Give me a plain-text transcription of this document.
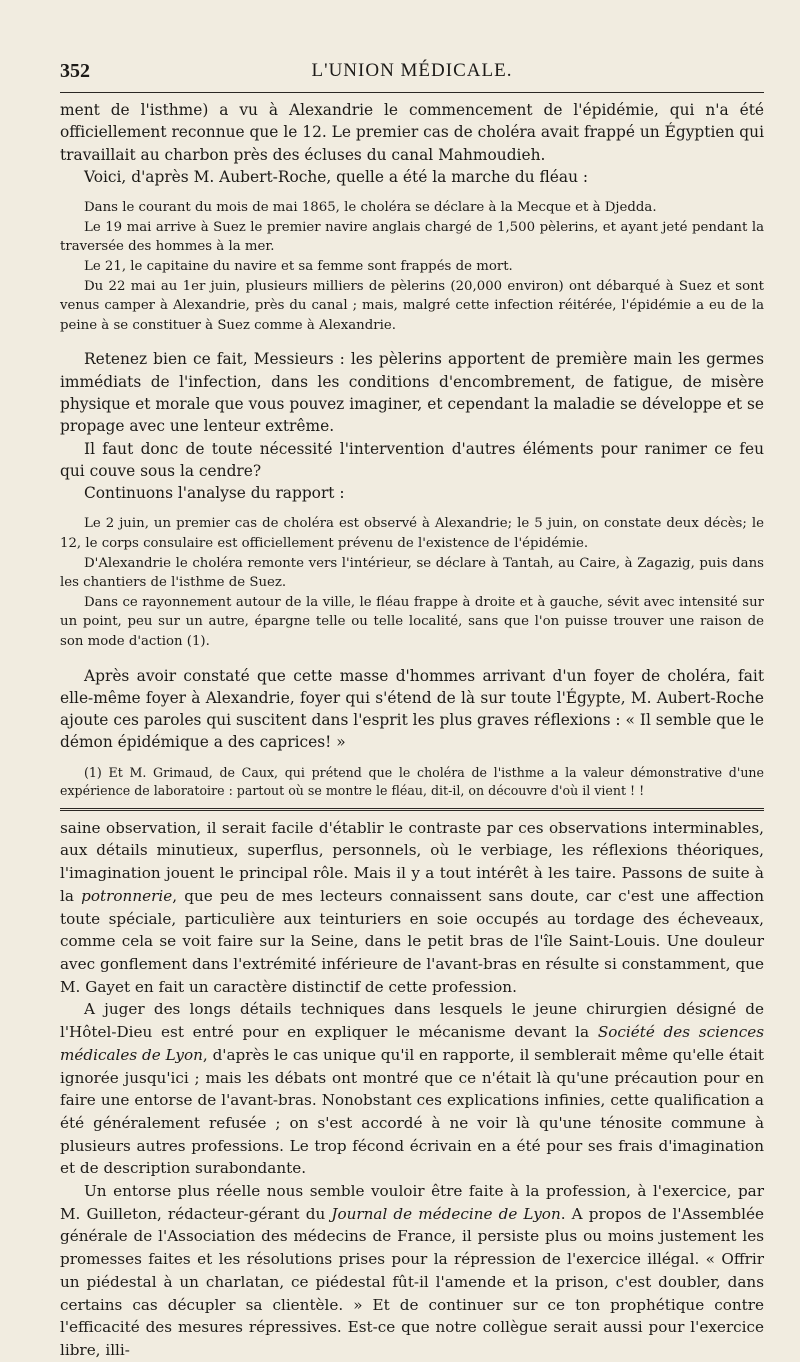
352	L'UNION MÉDICALE.

ment de l'isthme) a vu à Alexandrie le commencement de l'épidémie, qui n'a été officiellement reconnue que le 12. Le premier cas de choléra avait frappé un Égyptien qui travaillait au charbon près des écluses du canal Mahmoudieh.

Voici, d'après M. Aubert-Roche, quelle a été la marche du fléau :

Dans le courant du mois de mai 1865, le choléra se déclare à la Mecque et à Djedda.

Le 19 mai arrive à Suez le premier navire anglais chargé de 1,500 pèlerins, et ayant jeté pendant la traversée des hommes à la mer.

Le 21, le capitaine du navire et sa femme sont frappés de mort.

Du 22 mai au 1er juin, plusieurs milliers de pèlerins (20,000 environ) ont débarqué à Suez et sont venus camper à Alexandrie, près du canal ; mais, malgré cette infection réitérée, l'épidémie a eu de la peine à se constituer à Suez comme à Alexandrie.

Retenez bien ce fait, Messieurs : les pèlerins apportent de première main les germes immédiats de l'infection, dans les conditions d'encombrement, de fatigue, de misère physique et morale que vous pouvez imaginer, et cependant la maladie se développe et se propage avec une lenteur extrême.

Il faut donc de toute nécessité l'intervention d'autres éléments pour ranimer ce feu qui couve sous la cendre?

Continuons l'analyse du rapport :

Le 2 juin, un premier cas de choléra est observé à Alexandrie; le 5 juin, on constate deux décès; le 12, le corps consulaire est officiellement prévenu de l'existence de l'épidémie.

D'Alexandrie le choléra remonte vers l'intérieur, se déclare à Tantah, au Caire, à Zagazig, puis dans les chantiers de l'isthme de Suez.

Dans ce rayonnement autour de la ville, le fléau frappe à droite et à gauche, sévit avec intensité sur un point, peu sur un autre, épargne telle ou telle localité, sans que l'on puisse trouver une raison de son mode d'action (1).

Après avoir constaté que cette masse d'hommes arrivant d'un foyer de choléra, fait elle-même foyer à Alexandrie, foyer qui s'étend de là sur toute l'Égypte, M. Aubert-Roche ajoute ces paroles qui suscitent dans l'esprit les plus graves réflexions : « Il semble que le démon épidémique a des caprices! »

(1) Et M. Grimaud, de Caux, qui prétend que le choléra de l'isthme a la valeur démonstrative d'une expérience de laboratoire : partout où se montre le fléau, dit-il, on découvre d'où il vient ! !

saine observation, il serait facile d'établir le contraste par ces observations interminables, aux détails minutieux, superflus, personnels, où le verbiage, les réflexions théoriques, l'imagination jouent le principal rôle. Mais il y a tout intérêt à les taire. Passons de suite à la potronnerie, que peu de mes lecteurs connaissent sans doute, car c'est une affection toute spéciale, particulière aux teinturiers en soie occupés au tordage des écheveaux, comme cela se voit faire sur la Seine, dans le petit bras de l'île Saint-Louis. Une douleur avec gonflement dans l'extrémité inférieure de l'avant-bras en résulte si constamment, que M. Gayet en fait un caractère distinctif de cette profession.

A juger des longs détails techniques dans lesquels le jeune chirurgien désigné de l'Hôtel-Dieu est entré pour en expliquer le mécanisme devant la Société des sciences médicales de Lyon, d'après le cas unique qu'il en rapporte, il semblerait même qu'elle était ignorée jusqu'ici ; mais les débats ont montré que ce n'était là qu'une précaution pour en faire une entorse de l'avant-bras. Nonobstant ces explications infinies, cette qualification a été généralement refusée ; on s'est accordé à ne voir là qu'une ténosite commune à plusieurs autres professions. Le trop fécond écrivain en a été pour ses frais d'imagination et de description surabondante.

Un entorse plus réelle nous semble vouloir être faite à la profession, à l'exercice, par M. Guilleton, rédacteur-gérant du Journal de médecine de Lyon. A propos de l'Assemblée générale de l'Association des médecins de France, il persiste plus ou moins justement les promesses faites et les résolutions prises pour la répression de l'exercice illégal. « Offrir un piédestal à un charlatan, ce piédestal fût-il l'amende et la prison, c'est doubler, dans certains cas décupler sa clientèle. » Et de continuer sur ce ton prophétique contre l'efficacité des mesures répressives. Est-ce que notre collègue serait aussi pour l'exercice libre, illi-
